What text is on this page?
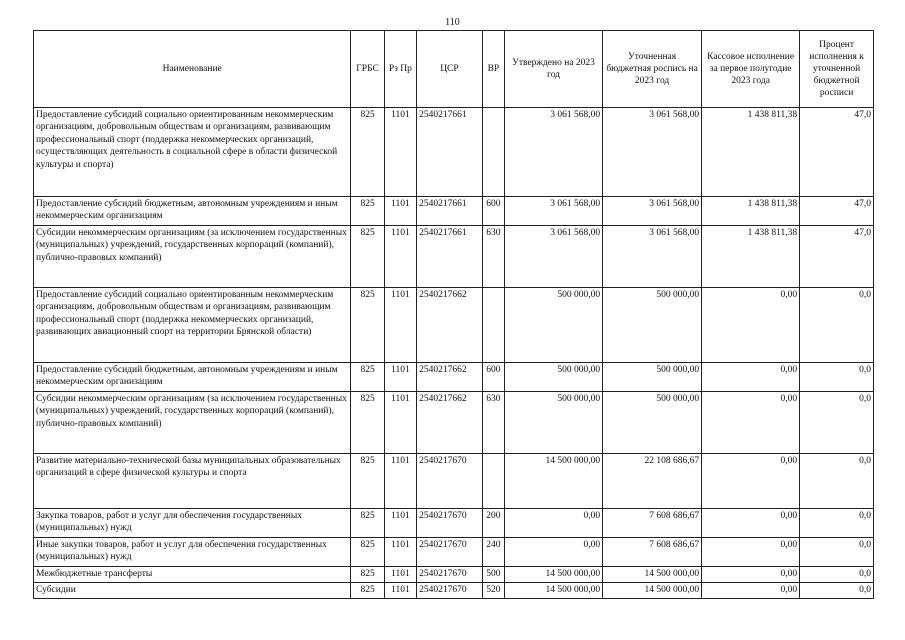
110
Наименование	ГРБС	Рз Пр	ЦСР	ВР	Утверждено на 2023 год	Уточненная бюджетная роспись на 2023 год	Кассовое исполнение за первое полугодие 2023 года	Процент исполнения к уточненной бюджетной росписи
Предоставление субсидий социально ориентированным некоммерческим организациям, добровольным обществам и организациям, развивающим профессиональный спорт (поддержка некоммерческих организаций, осуществляющих деятельность в социальной сфере в области физической культуры и спорта)	825	1101	2540217661		3 061 568,00	3 061 568,00	1 438 811,38	47,0
Предоставление субсидий бюджетным, автономным учреждениям и иным некоммерческим организациям	825	1101	2540217661	600	3 061 568,00	3 061 568,00	1 438 811,38	47,0
Субсидии некоммерческим организациям (за исключением государственных (муниципальных) учреждений, государственных корпораций (компаний), публично-правовых компаний)	825	1101	2540217661	630	3 061 568,00	3 061 568,00	1 438 811,38	47,0
Предоставление субсидий социально ориентированным некоммерческим организациям, добровольным обществам и организациям, развивающим профессиональный спорт (поддержка некоммерческих организаций, развивающих авиационный спорт на территории Брянской области)	825	1101	2540217662		500 000,00	500 000,00	0,00	0,0
Предоставление субсидий бюджетным, автономным учреждениям и иным некоммерческим организациям	825	1101	2540217662	600	500 000,00	500 000,00	0,00	0,0
Субсидии некоммерческим организациям (за исключением государственных (муниципальных) учреждений, государственных корпораций (компаний), публично-правовых компаний)	825	1101	2540217662	630	500 000,00	500 000,00	0,00	0,0
Развитие материально-технической базы муниципальных образовательных организаций в сфере физической культуры и спорта	825	1101	2540217670		14 500 000,00	22 108 686,67	0,00	0,0
Закупка товаров, работ и услуг для обеспечения государственных (муниципальных) нужд	825	1101	2540217670	200	0,00	7 608 686,67	0,00	0,0
Иные закупки товаров, работ и услуг для обеспечения государственных (муниципальных) нужд	825	1101	2540217670	240	0,00	7 608 686,67	0,00	0,0
Межбюджетные трансферты	825	1101	2540217670	500	14 500 000,00	14 500 000,00	0,00	0,0
Субсидии	825	1101	2540217670	520	14 500 000,00	14 500 000,00	0,00	0,0
